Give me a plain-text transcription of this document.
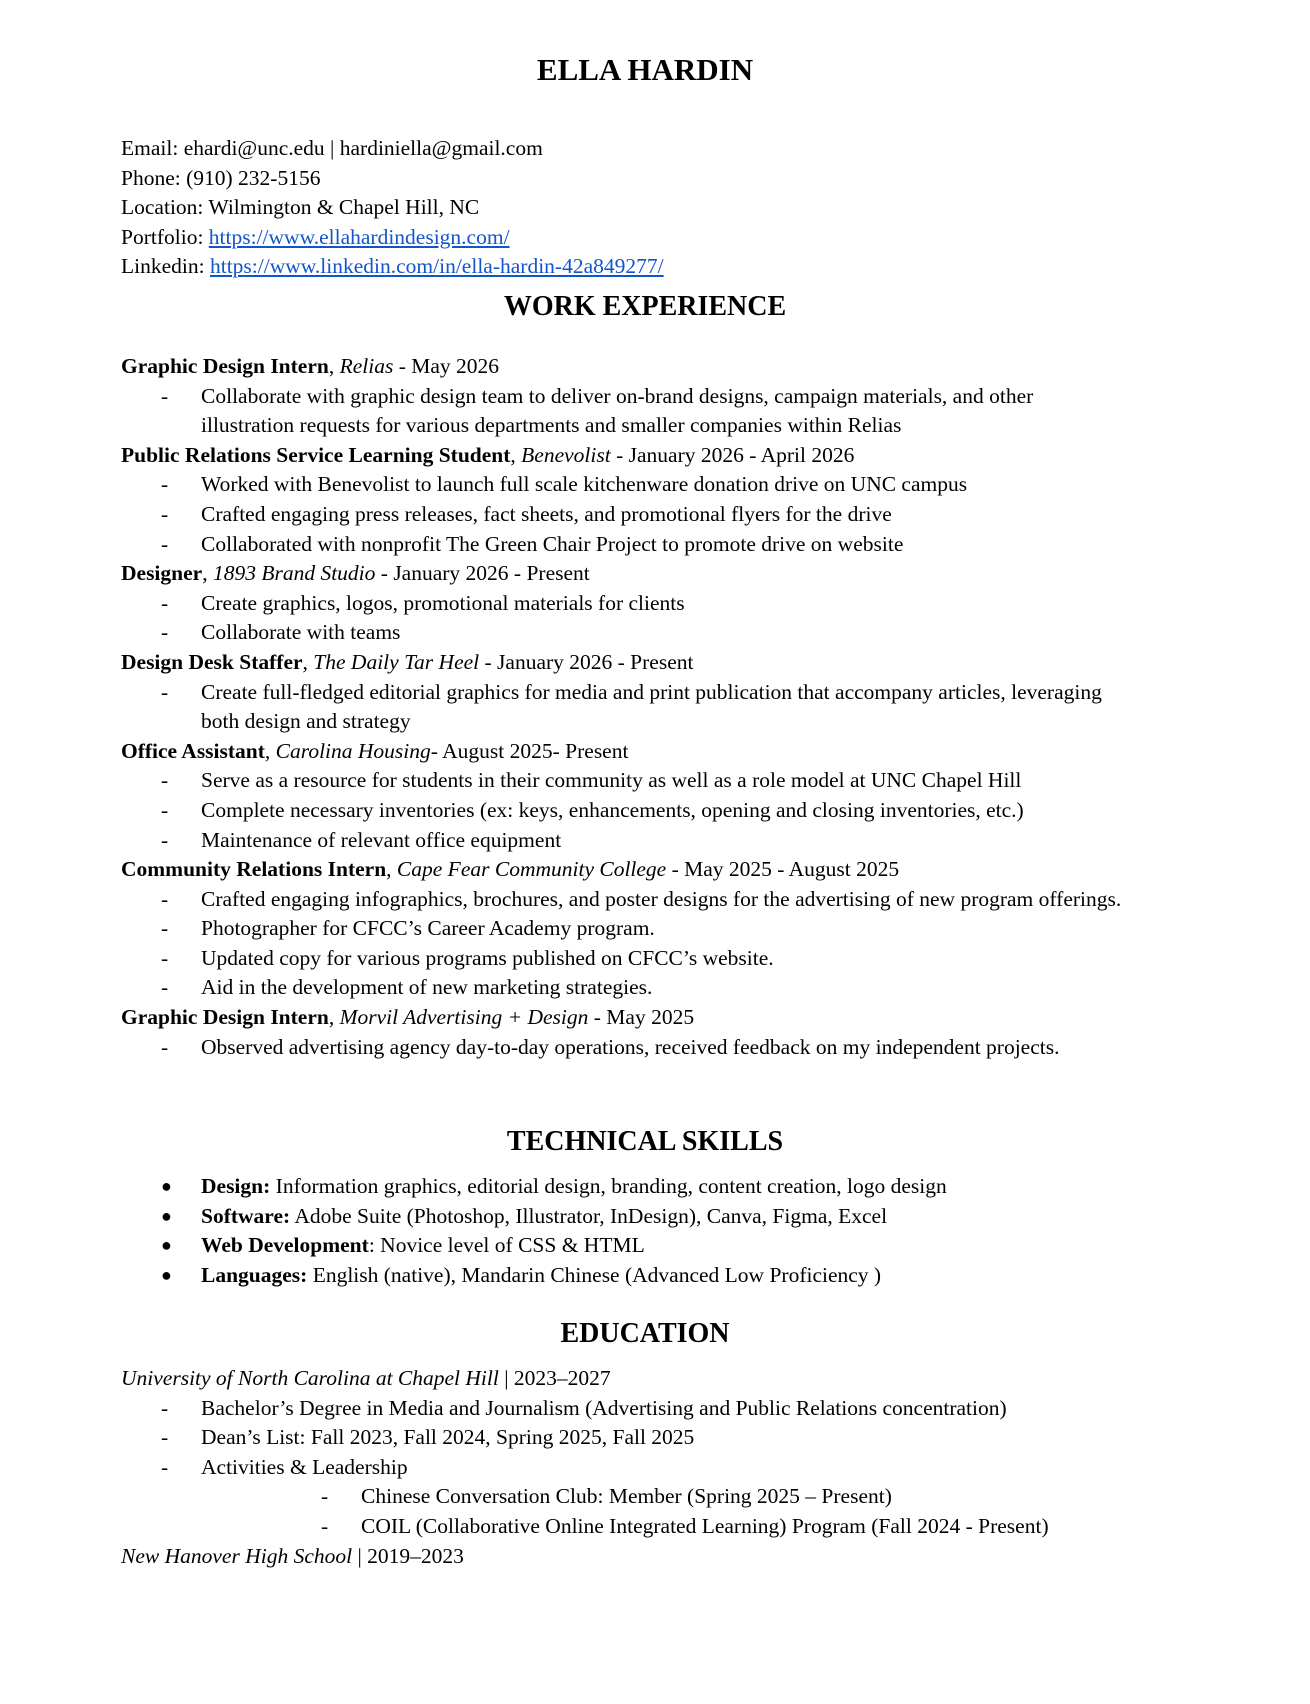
ELLA HARDIN
Email: ehardi@unc.edu | hardiniella@gmail.com
Phone: (910) 232-5156
Location: Wilmington & Chapel Hill, NC
Portfolio: https://www.ellahardindesign.com/
Linkedin: https://www.linkedin.com/in/ella-hardin-42a849277/
WORK EXPERIENCE
Graphic Design Intern, Relias - May 2026
- Collaborate with graphic design team to deliver on-brand designs, campaign materials, and other
illustration requests for various departments and smaller companies within Relias
Public Relations Service Learning Student, Benevolist - January 2026 - April 2026
- Worked with Benevolist to launch full scale kitchenware donation drive on UNC campus
- Crafted engaging press releases, fact sheets, and promotional flyers for the drive
- Collaborated with nonprofit The Green Chair Project to promote drive on website
Designer, 1893 Brand Studio - January 2026 - Present
- Create graphics, logos, promotional materials for clients
- Collaborate with teams
Design Desk Staffer, The Daily Tar Heel - January 2026 - Present
- Create full-fledged editorial graphics for media and print publication that accompany articles, leveraging
both design and strategy
Office Assistant, Carolina Housing- August 2025- Present
- Serve as a resource for students in their community as well as a role model at UNC Chapel Hill
- Complete necessary inventories (ex: keys, enhancements, opening and closing inventories, etc.)
- Maintenance of relevant office equipment
Community Relations Intern, Cape Fear Community College - May 2025 - August 2025
- Crafted engaging infographics, brochures, and poster designs for the advertising of new program offerings.
- Photographer for CFCC’s Career Academy program.
- Updated copy for various programs published on CFCC’s website.
- Aid in the development of new marketing strategies.
Graphic Design Intern, Morvil Advertising + Design - May 2025
- Observed advertising agency day-to-day operations, received feedback on my independent projects.
TECHNICAL SKILLS
● Design: Information graphics, editorial design, branding, content creation, logo design
● Software: Adobe Suite (Photoshop, Illustrator, InDesign), Canva, Figma, Excel
● Web Development: Novice level of CSS & HTML
● Languages: English (native), Mandarin Chinese (Advanced Low Proficiency )
EDUCATION
University of North Carolina at Chapel Hill | 2023–2027
- Bachelor’s Degree in Media and Journalism (Advertising and Public Relations concentration)
- Dean’s List: Fall 2023, Fall 2024, Spring 2025, Fall 2025
- Activities & Leadership
- Chinese Conversation Club: Member (Spring 2025 – Present)
- COIL (Collaborative Online Integrated Learning) Program (Fall 2024 - Present)
New Hanover High School | 2019–2023
